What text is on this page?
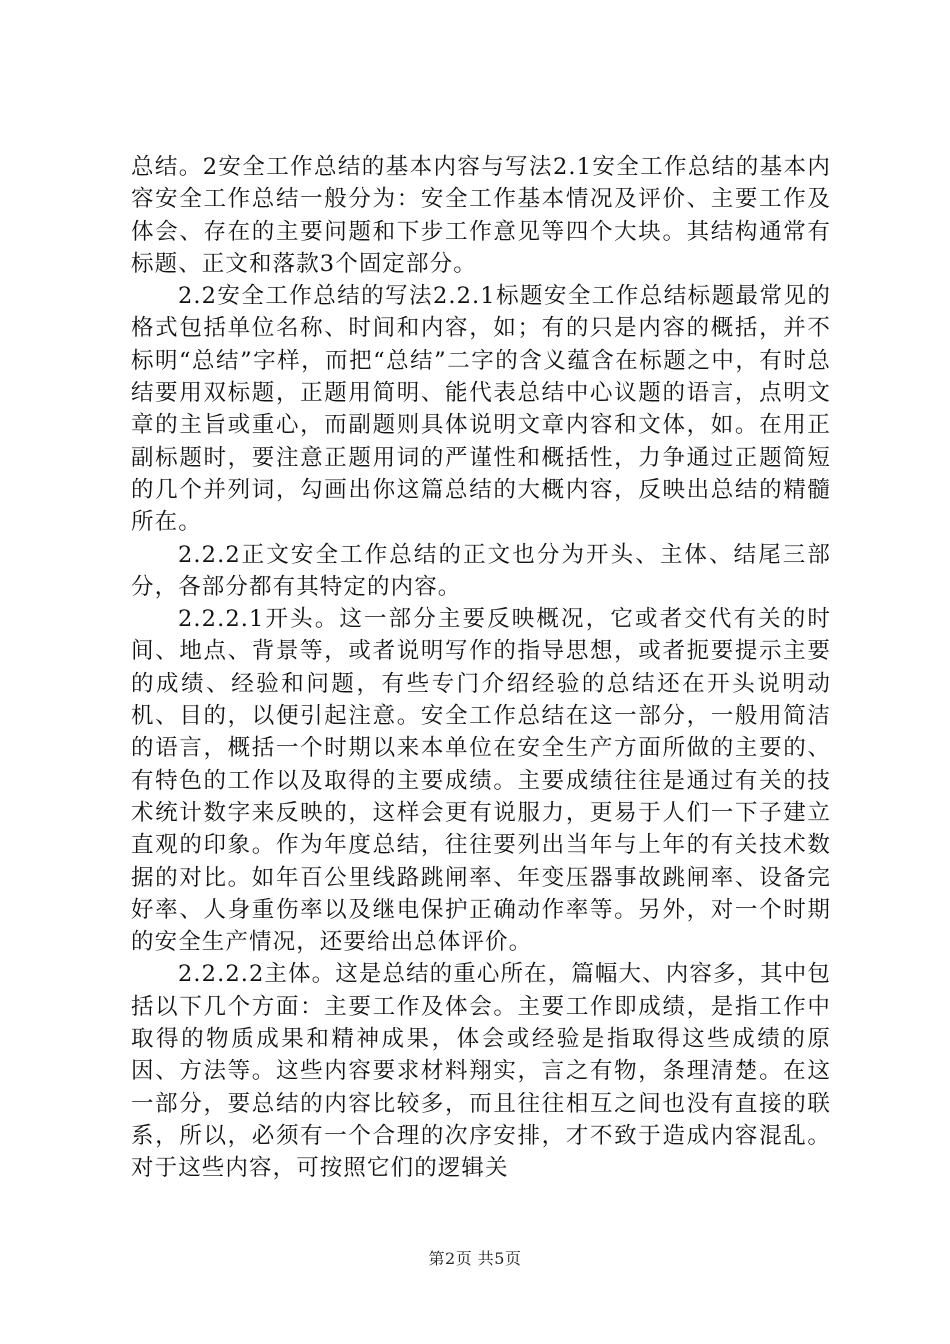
总结。2安全工作总结的基本内容与写法2.1安全工作总结的基本内容安全工作总结一般分为：安全工作基本情况及评价、主要工作及体会、存在的主要问题和下步工作意见等四个大块。其结构通常有标题、正文和落款3个固定部分。

2.2安全工作总结的写法2.2.1标题安全工作总结标题最常见的格式包括单位名称、时间和内容，如；有的只是内容的概括，并不标明“总结”字样，而把“总结”二字的含义蕴含在标题之中，有时总结要用双标题，正题用简明、能代表总结中心议题的语言，点明文章的主旨或重心，而副题则具体说明文章内容和文体，如。在用正副标题时，要注意正题用词的严谨性和概括性，力争通过正题简短的几个并列词，勾画出你这篇总结的大概内容，反映出总结的精髓所在。

2.2.2正文安全工作总结的正文也分为开头、主体、结尾三部分，各部分都有其特定的内容。

2.2.2.1开头。这一部分主要反映概况，它或者交代有关的时间、地点、背景等，或者说明写作的指导思想，或者扼要提示主要的成绩、经验和问题，有些专门介绍经验的总结还在开头说明动机、目的，以便引起注意。安全工作总结在这一部分，一般用简洁的语言，概括一个时期以来本单位在安全生产方面所做的主要的、有特色的工作以及取得的主要成绩。主要成绩往往是通过有关的技术统计数字来反映的，这样会更有说服力，更易于人们一下子建立直观的印象。作为年度总结，往往要列出当年与上年的有关技术数据的对比。如年百公里线路跳闸率、年变压器事故跳闸率、设备完好率、人身重伤率以及继电保护正确动作率等。另外，对一个时期的安全生产情况，还要给出总体评价。

2.2.2.2主体。这是总结的重心所在，篇幅大、内容多，其中包括以下几个方面：主要工作及体会。主要工作即成绩，是指工作中取得的物质成果和精神成果，体会或经验是指取得这些成绩的原因、方法等。这些内容要求材料翔实，言之有物，条理清楚。在这一部分，要总结的内容比较多，而且往往相互之间也没有直接的联系，所以，必须有一个合理的次序安排，才不致于造成内容混乱。对于这些内容，可按照它们的逻辑关

第2页 共5页
